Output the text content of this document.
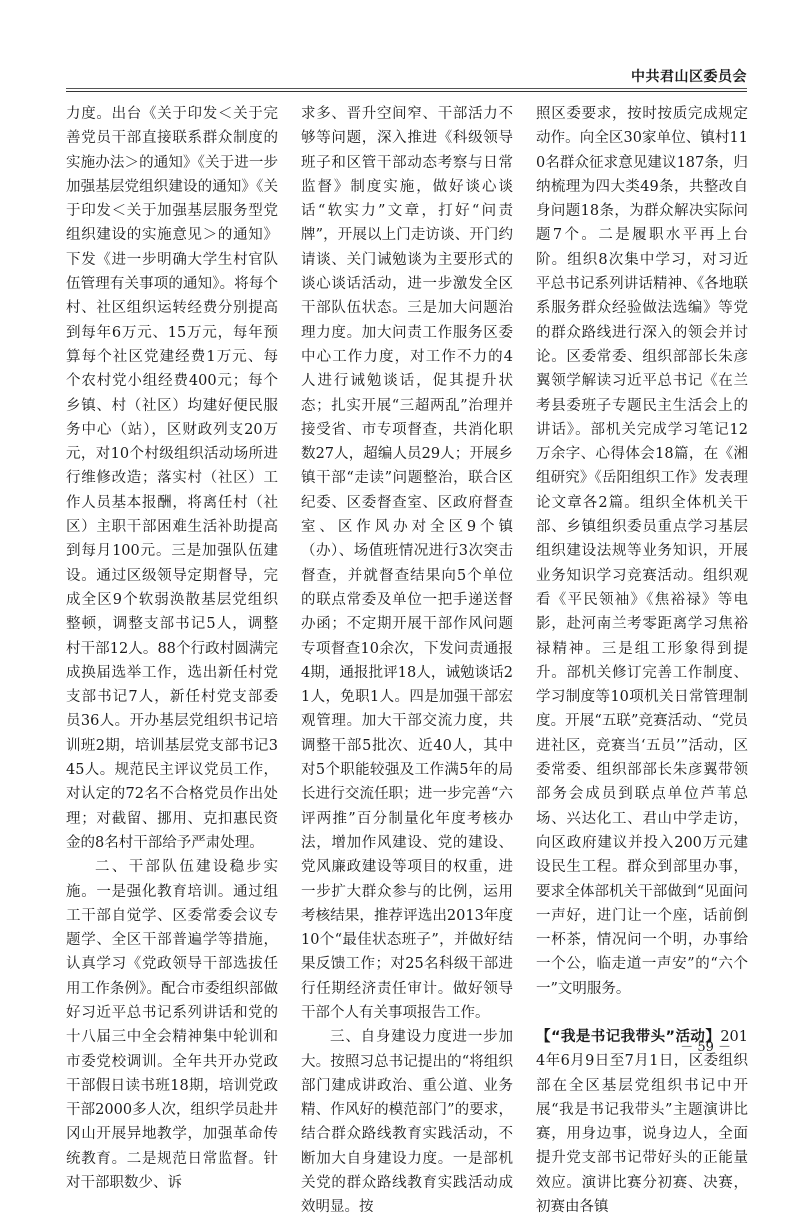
中共君山区委员会

力度。出台《关于印发＜关于完善党员干部直接联系群众制度的实施办法＞的通知》《关于进一步加强基层党组织建设的通知》《关于印发＜关于加强基层服务型党组织建设的实施意见＞的通知》下发《进一步明确大学生村官队伍管理有关事项的通知》。将每个村、社区组织运转经费分别提高到每年6万元、15万元，每年预算每个社区党建经费1万元、每个农村党小组经费400元；每个乡镇、村（社区）均建好便民服务中心（站），区财政列支20万元，对10个村级组织活动场所进行维修改造；落实村（社区）工作人员基本报酬，将离任村（社区）主职干部困难生活补助提高到每月100元。三是加强队伍建设。通过区级领导定期督导，完成全区9个软弱涣散基层党组织整顿，调整支部书记5人，调整村干部12人。88个行政村圆满完成换届选举工作，选出新任村党支部书记7人，新任村党支部委员36人。开办基层党组织书记培训班2期，培训基层党支部书记345人。规范民主评议党员工作，对认定的72名不合格党员作出处理；对截留、挪用、克扣惠民资金的8名村干部给予严肃处理。

二、干部队伍建设稳步实施。一是强化教育培训。通过组工干部自觉学、区委常委会议专题学、全区干部普遍学等措施，认真学习《党政领导干部选拔任用工作条例》。配合市委组织部做好习近平总书记系列讲话和党的十八届三中全会精神集中轮训和市委党校调训。全年共开办党政干部假日读书班18期，培训党政干部2000多人次，组织学员赴井冈山开展异地教学，加强革命传统教育。二是规范日常监督。针对干部职数少、诉

求多、晋升空间窄、干部活力不够等问题，深入推进《科级领导班子和区管干部动态考察与日常监督》制度实施，做好谈心谈话“软实力”文章，打好“问责牌”，开展以上门走访谈、开门约请谈、关门诫勉谈为主要形式的谈心谈话活动，进一步激发全区干部队伍状态。三是加大问题治理力度。加大问责工作服务区委中心工作力度，对工作不力的4人进行诫勉谈话，促其提升状态；扎实开展“三超两乱”治理并接受省、市专项督查，共消化职数27人，超编人员29人；开展乡镇干部“走读”问题整治，联合区纪委、区委督查室、区政府督查室、区作风办对全区9个镇（办）、场值班情况进行3次突击督查，并就督查结果向5个单位的联点常委及单位一把手递送督办函；不定期开展干部作风问题专项督查10余次，下发问责通报4期，通报批评18人，诫勉谈话21人，免职1人。四是加强干部宏观管理。加大干部交流力度，共调整干部5批次、近40人，其中对5个职能较强及工作满5年的局长进行交流任职；进一步完善“六评两推”百分制量化年度考核办法，增加作风建设、党的建设、党风廉政建设等项目的权重，进一步扩大群众参与的比例，运用考核结果，推荐评选出2013年度10个“最佳状态班子”，并做好结果反馈工作；对25名科级干部进行任期经济责任审计。做好领导干部个人有关事项报告工作。

三、自身建设力度进一步加大。按照习总书记提出的“将组织部门建成讲政治、重公道、业务精、作风好的模范部门”的要求，结合群众路线教育实践活动，不断加大自身建设力度。一是部机关党的群众路线教育实践活动成效明显。按

照区委要求，按时按质完成规定动作。向全区30家单位、镇村110名群众征求意见建议187条，归纳梳理为四大类49条，共整改自身问题18条，为群众解决实际问题7个。二是履职水平再上台阶。组织8次集中学习，对习近平总书记系列讲话精神、《各地联系服务群众经验做法选编》等党的群众路线进行深入的领会并讨论。区委常委、组织部部长朱彦翼领学解读习近平总书记《在兰考县委班子专题民主生活会上的讲话》。部机关完成学习笔记12万余字、心得体会18篇，在《湘组研究》《岳阳组织工作》发表理论文章各2篇。组织全体机关干部、乡镇组织委员重点学习基层组织建设法规等业务知识，开展业务知识学习竞赛活动。组织观看《平民领袖》《焦裕禄》等电影，赴河南兰考零距离学习焦裕禄精神。三是组工形象得到提升。部机关修订完善工作制度、学习制度等10项机关日常管理制度。开展“五联”竞赛活动、“党员进社区，竞赛当‘五员’”活动，区委常委、组织部部长朱彦翼带领部务会成员到联点单位芦苇总场、兴达化工、君山中学走访，向区政府建议并投入200万元建设民生工程。群众到部里办事，要求全体部机关干部做到“见面问一声好，进门让一个座，话前倒一杯茶，情况问一个明，办事给一个公，临走道一声安”的“六个一”文明服务。

【“我是书记我带头”活动】2014年6月9日至7月1日，区委组织部在全区基层党组织书记中开展“我是书记我带头”主题演讲比赛，用身边事，说身边人，全面提升党支部书记带好头的正能量效应。演讲比赛分初赛、决赛，初赛由各镇

－ 59 －
